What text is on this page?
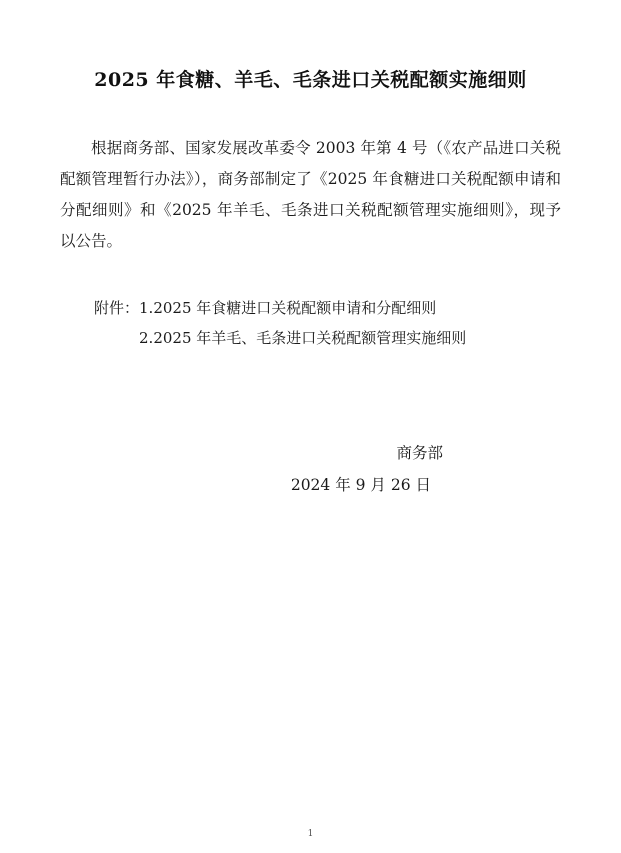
2025 年食糖、羊毛、毛条进口关税配额实施细则

根据商务部、国家发展改革委令 2003 年第 4 号（《农产品进口关税配额管理暂行办法》），商务部制定了《2025 年食糖进口关税配额申请和分配细则》和《2025 年羊毛、毛条进口关税配额管理实施细则》，现予以公告。

附件： 1.2025 年食糖进口关税配额申请和分配细则
2.2025 年羊毛、毛条进口关税配额管理实施细则
商务部
2024 年 9 月 26 日
1
